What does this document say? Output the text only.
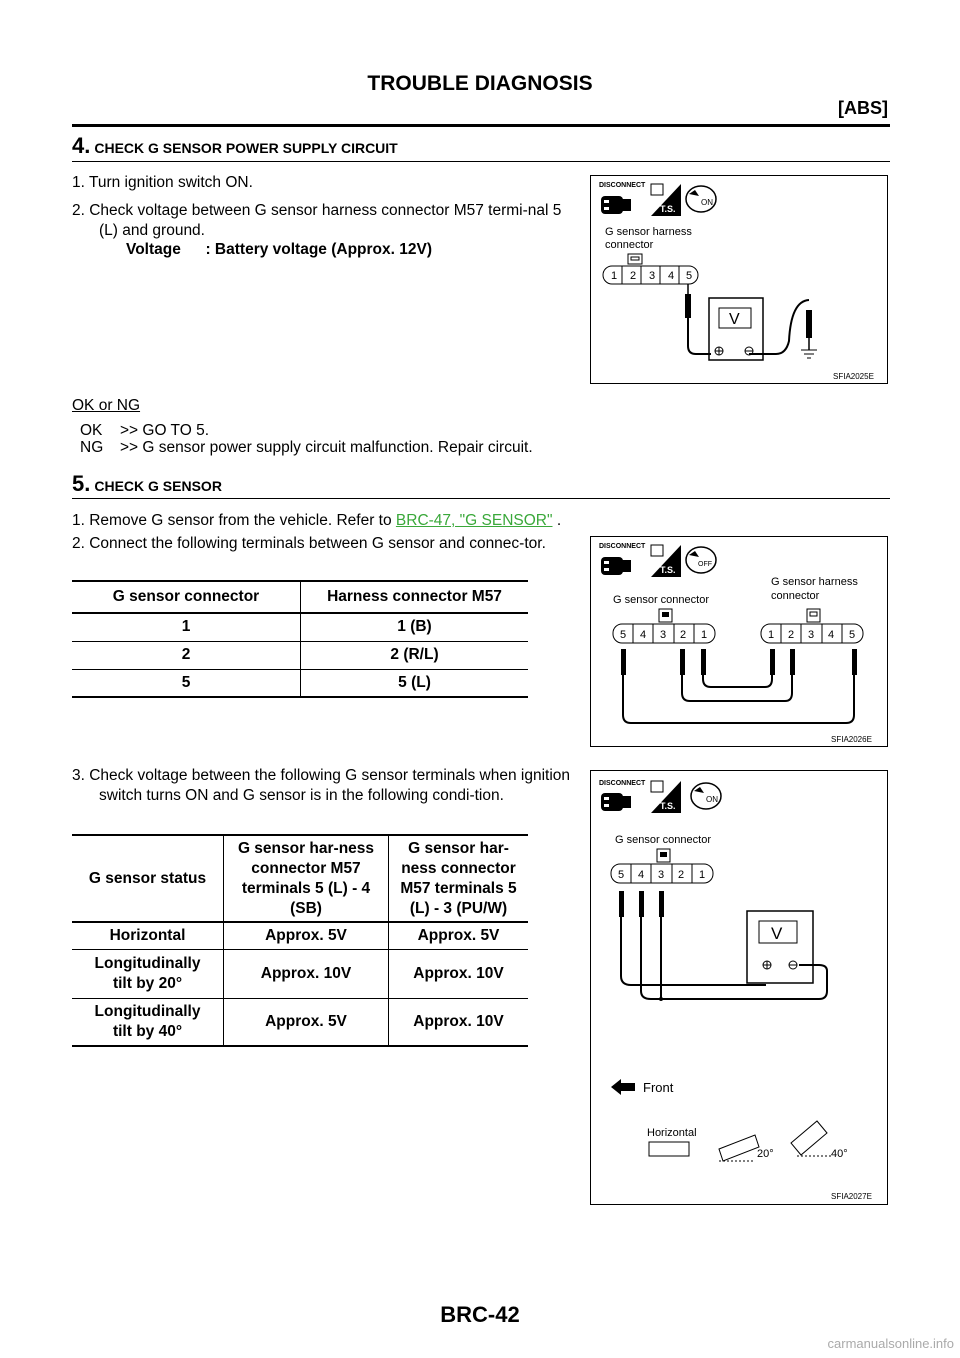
TROUBLE DIAGNOSIS
[ABS]
4. CHECK G SENSOR POWER SUPPLY CIRCUIT
1. Turn ignition switch ON.
2. Check voltage between G sensor harness connector M57 termi-nal 5 (L) and ground.
Voltage : Battery voltage (Approx. 12V)
OK or NG
OK >> GO TO 5.
NG >> G sensor power supply circuit malfunction. Repair circuit.
DISCONNECT
T.S.
ON
G sensor harness
connector
1 2 3 4 5
V
SFIA2025E
5. CHECK G SENSOR
1. Remove G sensor from the vehicle. Refer to BRC-47, "G SENSOR" .
2. Connect the following terminals between G sensor and connec-tor.
G sensor connector	Harness connector M57
1	1 (B)
2	2 (R/L)
5	5 (L)
DISCONNECT
T.S.
OFF
G sensor connector
G sensor harness
connector
5 4 3 2 1	1 2 3 4 5
SFIA2026E
3. Check voltage between the following G sensor terminals when ignition switch turns ON and G sensor is in the following condi-tion.
G sensor status	G sensor har-ness connector M57 terminals 5 (L) - 4 (SB)	G sensor har-ness connector M57 terminals 5 (L) - 3 (PU/W)
Horizontal	Approx. 5V	Approx. 5V
Longitudinally tilt by 20°	Approx. 10V	Approx. 10V
Longitudinally tilt by 40°	Approx. 5V	Approx. 10V
DISCONNECT
T.S.
ON
G sensor connector
5 4 3 2 1
V
Front
Horizontal
20°	40°
SFIA2027E
BRC-42
carmanualsonline.info
